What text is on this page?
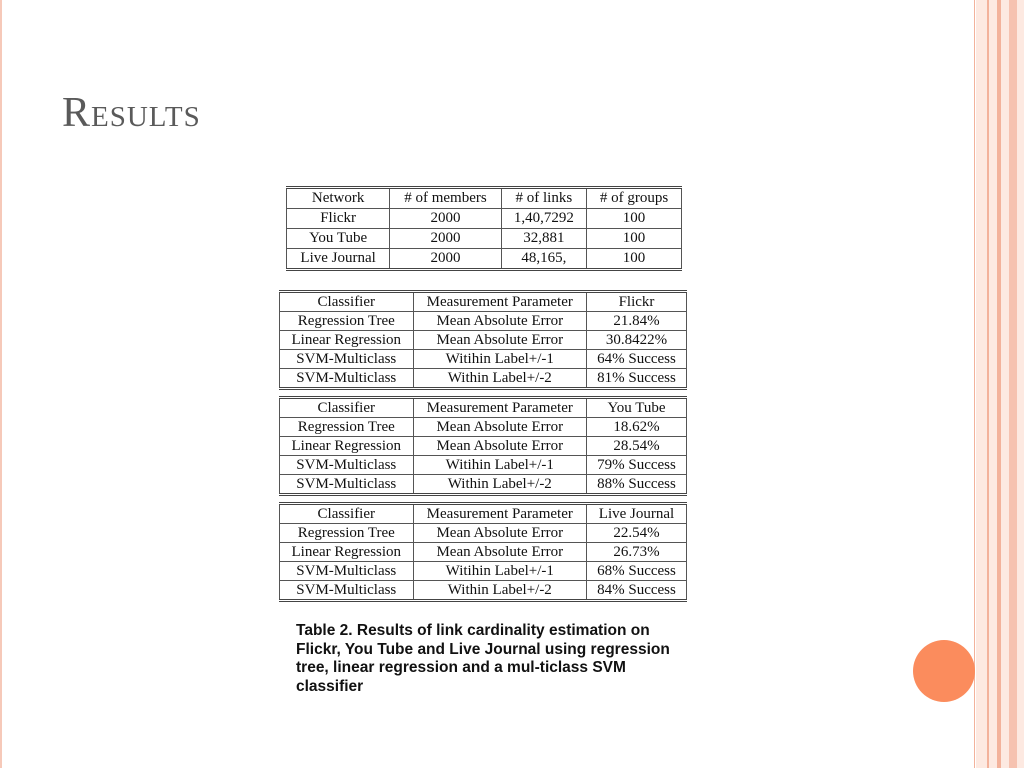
Results
Network	# of members	# of links	# of groups
Flickr	2000	1,40,7292	100
You Tube	2000	32,881	100
Live Journal	2000	48,165,	100
Classifier	Measurement Parameter	Flickr
Regression Tree	Mean Absolute Error	21.84%
Linear Regression	Mean Absolute Error	30.8422%
SVM-Multiclass	Witihin Label+/-1	64% Success
SVM-Multiclass	Within Label+/-2	81% Success
Classifier	Measurement Parameter	You Tube
Regression Tree	Mean Absolute Error	18.62%
Linear Regression	Mean Absolute Error	28.54%
SVM-Multiclass	Witihin Label+/-1	79% Success
SVM-Multiclass	Within Label+/-2	88% Success
Classifier	Measurement Parameter	Live Journal
Regression Tree	Mean Absolute Error	22.54%
Linear Regression	Mean Absolute Error	26.73%
SVM-Multiclass	Witihin Label+/-1	68% Success
SVM-Multiclass	Within Label+/-2	84% Success

Table 2. Results of link cardinality estimation on Flickr, You Tube and Live Journal using regression tree, linear regression and a mul-ticlass SVM classifier
